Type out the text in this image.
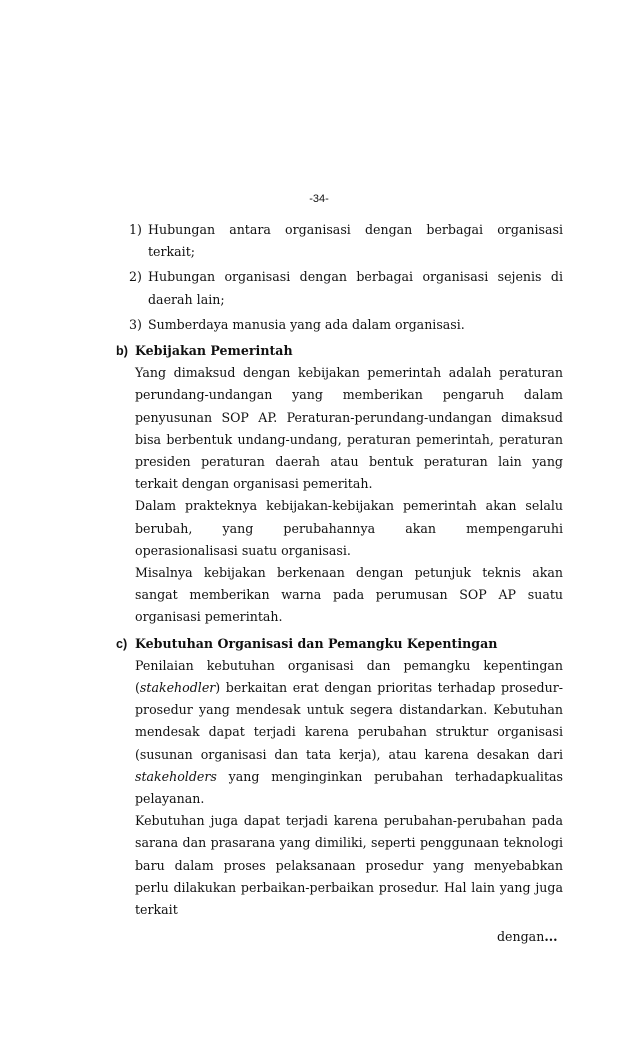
-34-
1) Hubungan antara organisasi dengan berbagai organisasi terkait;
2) Hubungan organisasi dengan berbagai organisasi sejenis di daerah lain;
3) Sumberdaya manusia yang ada dalam organisasi.
b) Kebijakan Pemerintah

Yang dimaksud dengan kebijakan pemerintah adalah peraturan perundang-undangan yang memberikan pengaruh dalam penyusunan SOP AP. Peraturan-perundang-undangan dimaksud bisa berbentuk undang-undang, peraturan pemerintah, peraturan presiden peraturan daerah atau bentuk peraturan lain yang terkait dengan organisasi pemeritah.

Dalam prakteknya kebijakan-kebijakan pemerintah akan selalu berubah, yang perubahannya akan mempengaruhi operasionalisasi suatu organisasi.

Misalnya kebijakan berkenaan dengan petunjuk teknis akan sangat memberikan warna pada perumusan SOP AP suatu organisasi pemerintah.

c) Kebutuhan Organisasi dan Pemangku Kepentingan

Penilaian kebutuhan organisasi dan pemangku kepentingan (stakehodler) berkaitan erat dengan prioritas terhadap prosedur-prosedur yang mendesak untuk segera distandarkan. Kebutuhan mendesak dapat terjadi karena perubahan struktur organisasi (susunan organisasi dan tata kerja), atau karena desakan dari stakeholders yang menginginkan perubahan terhadapkualitas pelayanan.

Kebutuhan juga dapat terjadi karena perubahan-perubahan pada sarana dan prasarana yang dimiliki, seperti penggunaan teknologi baru dalam proses pelaksanaan prosedur yang menyebabkan perlu dilakukan perbaikan-perbaikan prosedur. Hal lain yang juga terkait

dengan...
